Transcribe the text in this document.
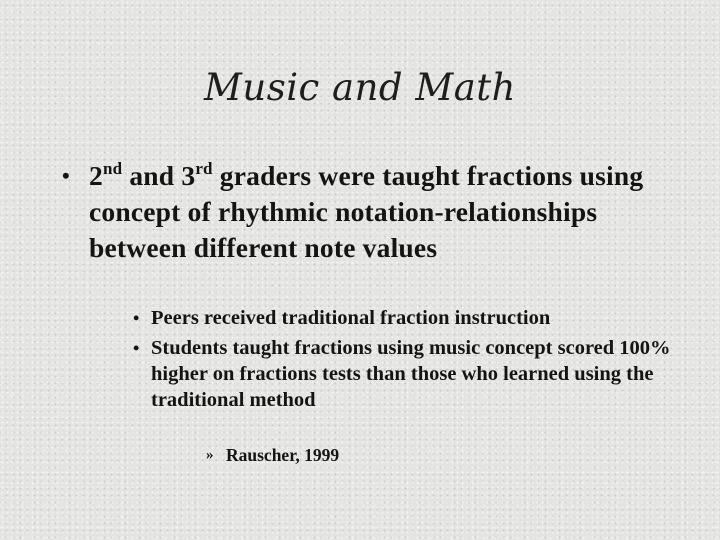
Music and Math
• 2nd and 3rd graders were taught fractions using concept of rhythmic notation-relationships between different note values
• Peers received traditional fraction instruction
• Students taught fractions using music concept scored 100% higher on fractions tests than those who learned using the traditional method
» Rauscher, 1999
